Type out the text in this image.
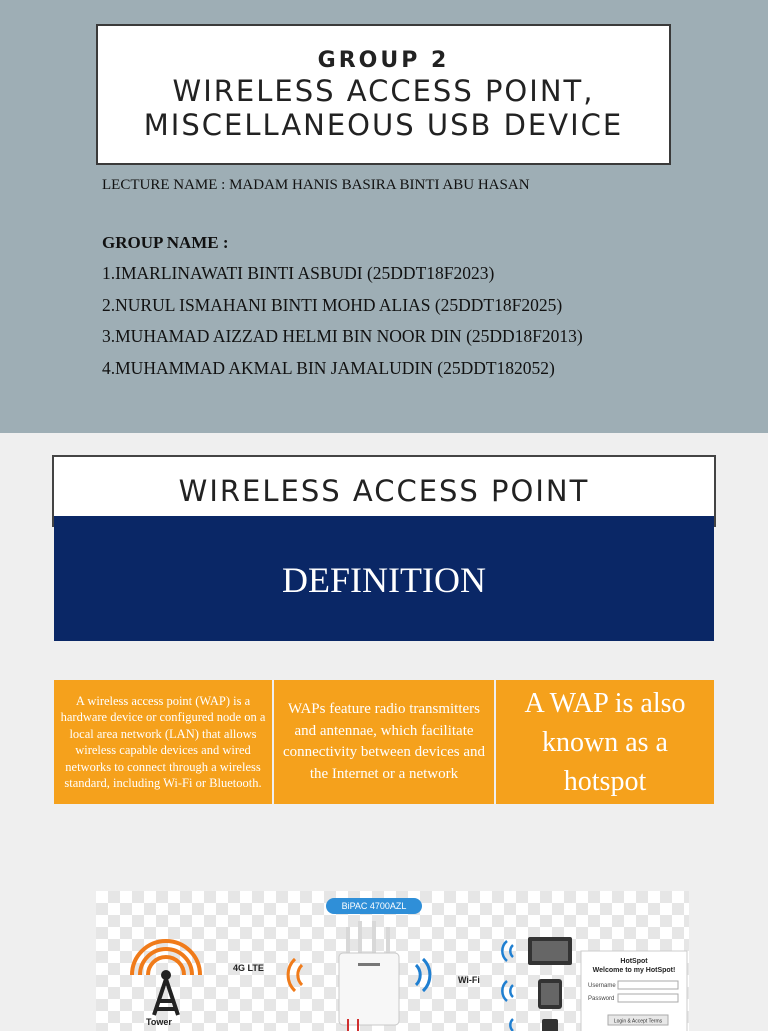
GROUP 2
WIRELESS ACCESS POINT,
MISCELLANEOUS USB DEVICE
LECTURE NAME : MADAM HANIS BASIRA BINTI ABU HASAN
GROUP NAME :
1.IMARLINAWATI BINTI ASBUDI (25DDT18F2023)
2.NURUL ISMAHANI BINTI MOHD ALIAS (25DDT18F2025)
3.MUHAMAD AIZZAD HELMI BIN NOOR DIN (25DD18F2013)
4.MUHAMMAD AKMAL BIN JAMALUDIN (25DDT182052)
WIRELESS ACCESS POINT
DEFINITION
A wireless access point (WAP) is a hardware device or configured node on a local area network (LAN) that allows wireless capable devices and wired networks to connect through a wireless standard, including Wi-Fi or Bluetooth.
WAPs feature radio transmitters and antennae, which facilitate connectivity between devices and the Internet or a network
A WAP is also known as a hotspot
Tower
4G LTE
BiPAC 4700AZL
Wi-Fi
HotSpot
Welcome to my HotSpot!
Username
Password
Login & Accept Terms
